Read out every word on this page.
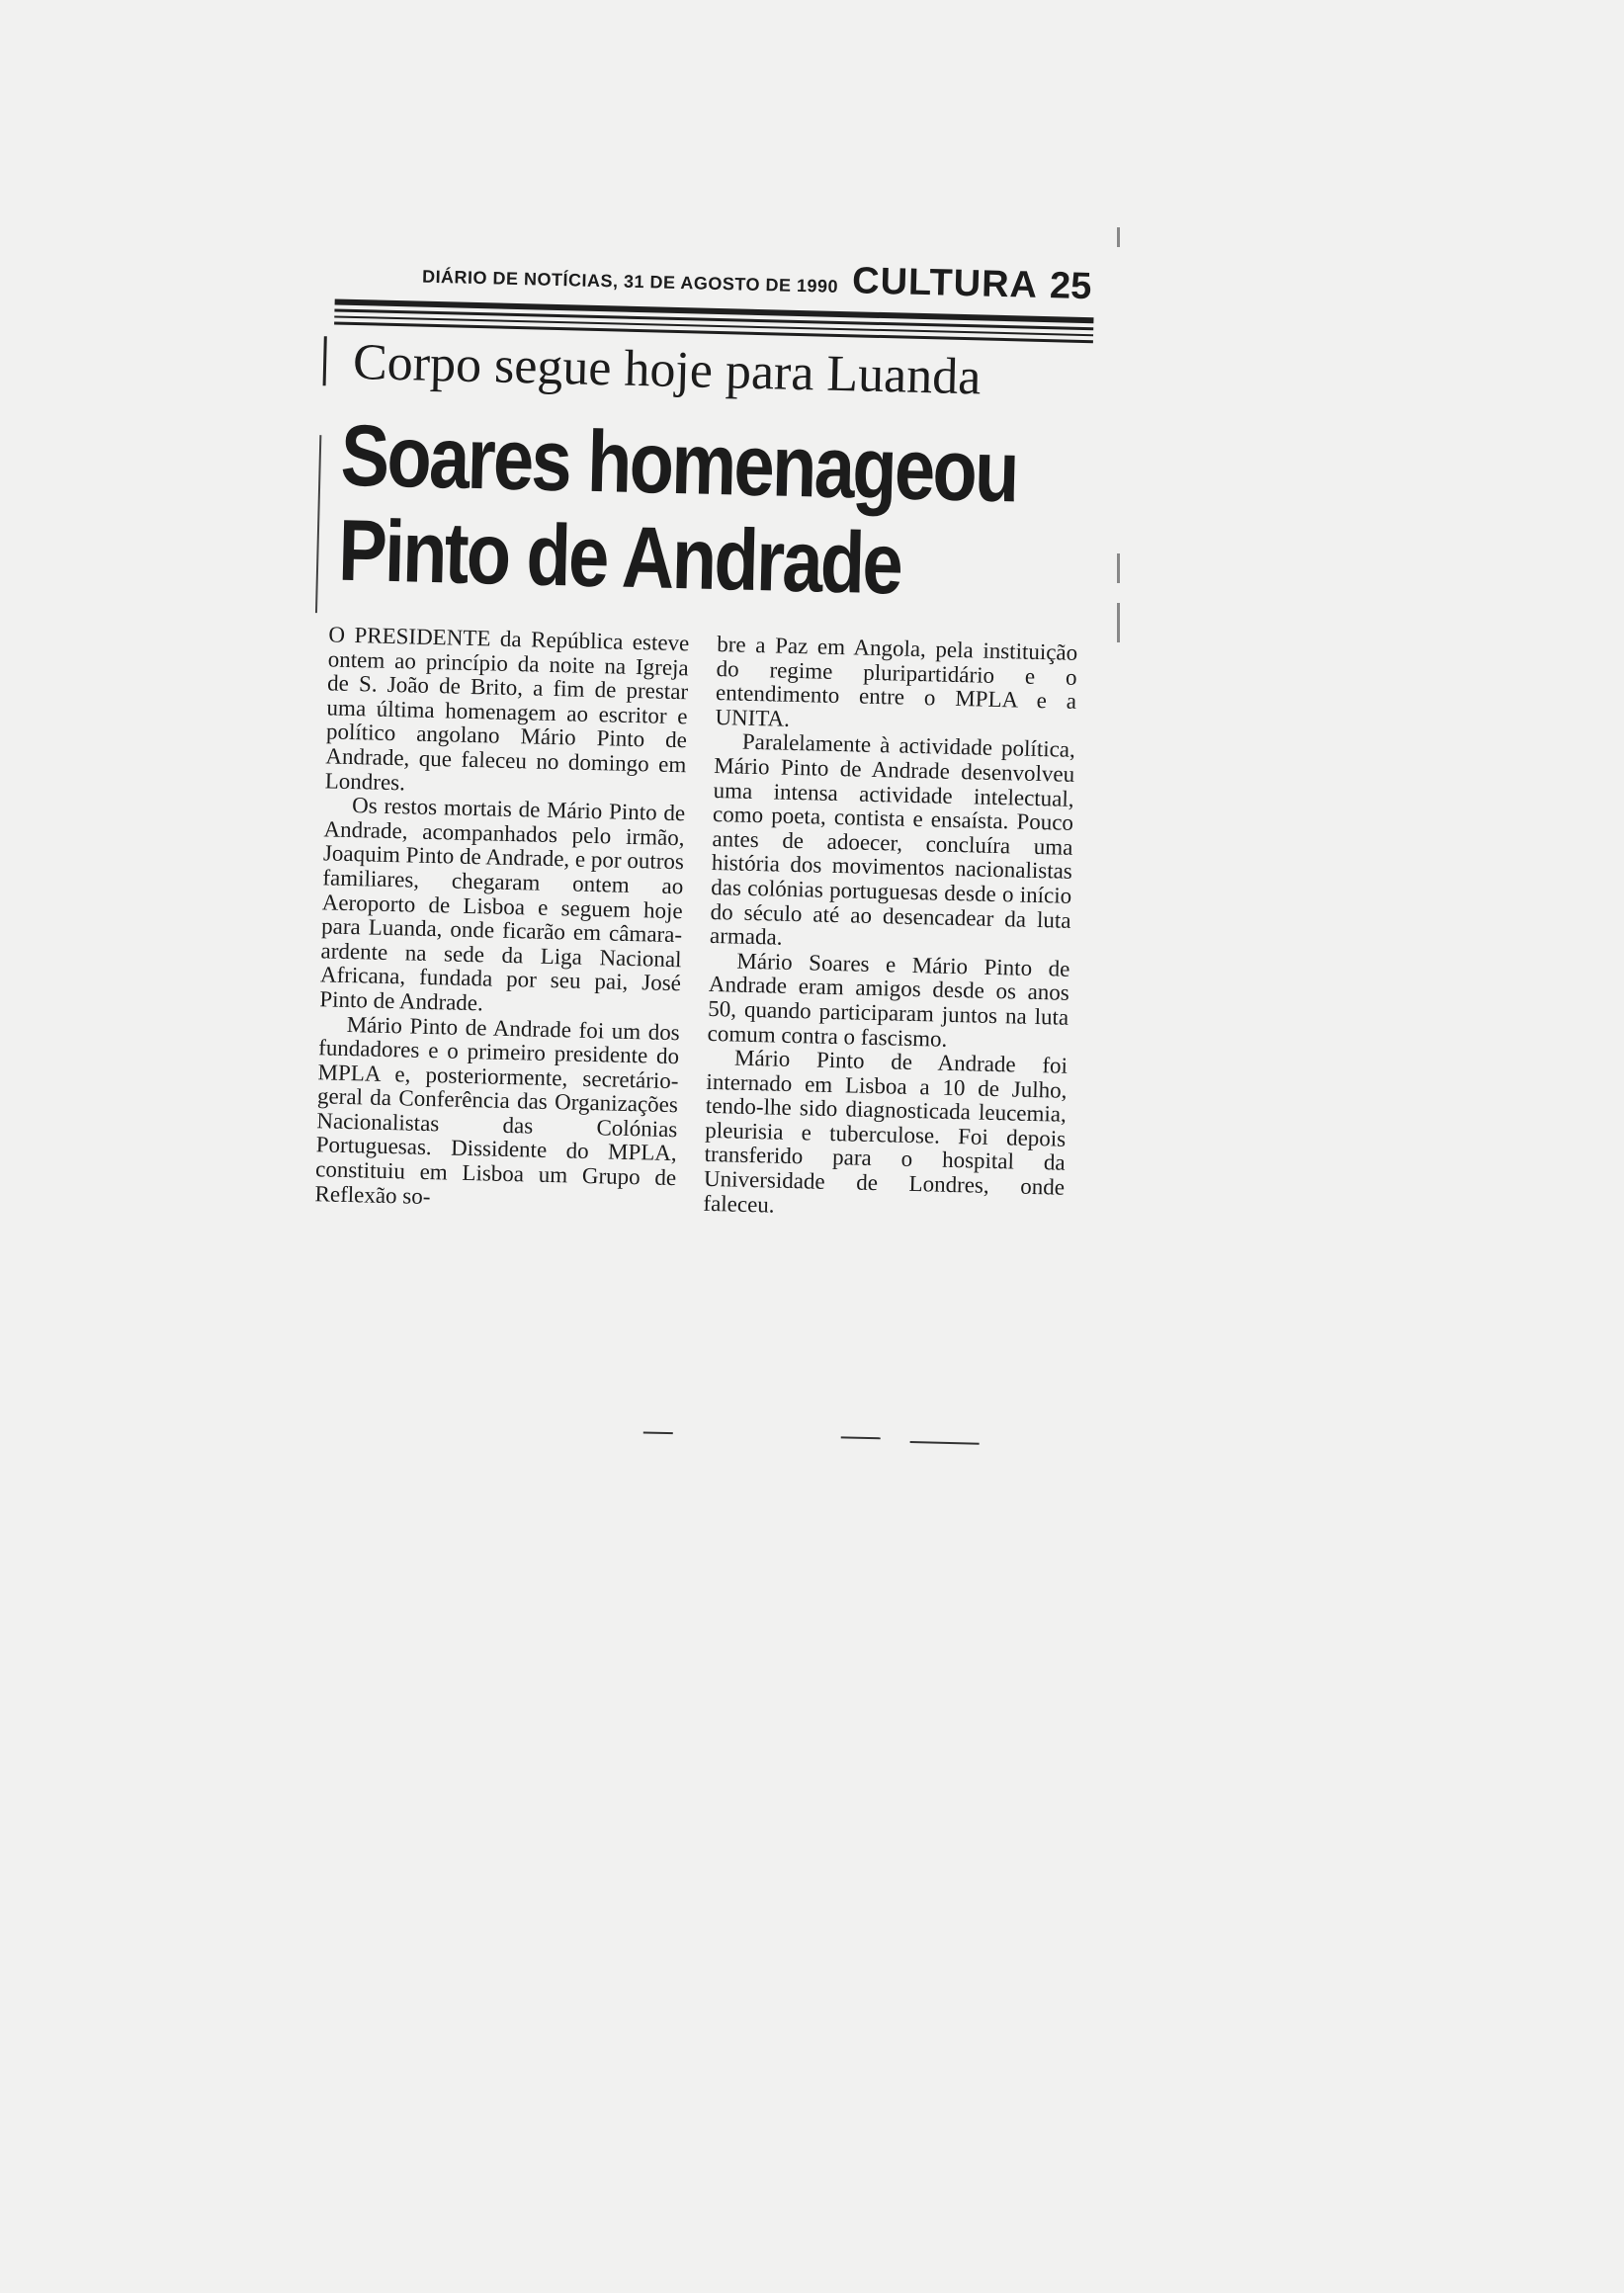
DIÁRIO DE NOTÍCIAS, 31 DE AGOSTO DE 1990 CULTURA 25
Corpo segue hoje para Luanda
Soares homenageou
Pinto de Andrade

O PRESIDENTE da República esteve ontem ao princípio da noite na Igreja de S. João de Brito, a fim de prestar uma última homenagem ao escritor e político angolano Mário Pinto de Andrade, que faleceu no domingo em Londres.

Os restos mortais de Mário Pinto de Andrade, acompanhados pelo irmão, Joaquim Pinto de Andrade, e por outros familiares, chegaram ontem ao Aeroporto de Lisboa e seguem hoje para Luanda, onde ficarão em câmara-ardente na sede da Liga Nacional Africana, fundada por seu pai, José Pinto de Andrade.

Mário Pinto de Andrade foi um dos fundadores e o primeiro presidente do MPLA e, posteriormente, secretário-geral da Conferência das Organizações Nacionalistas das Colónias Portuguesas. Dissidente do MPLA, constituiu em Lisboa um Grupo de Reflexão so-

bre a Paz em Angola, pela instituição do regime pluripartidário e o entendimento entre o MPLA e a UNITA.

Paralelamente à actividade política, Mário Pinto de Andrade desenvolveu uma intensa actividade intelectual, como poeta, contista e ensaísta. Pouco antes de adoecer, concluíra uma história dos movimentos nacionalistas das colónias portuguesas desde o início do século até ao desencadear da luta armada.

Mário Soares e Mário Pinto de Andrade eram amigos desde os anos 50, quando participaram juntos na luta comum contra o fascismo.

Mário Pinto de Andrade foi internado em Lisboa a 10 de Julho, tendo-lhe sido diagnosticada leucemia, pleurisia e tuberculose. Foi depois transferido para o hospital da Universidade de Londres, onde faleceu.
